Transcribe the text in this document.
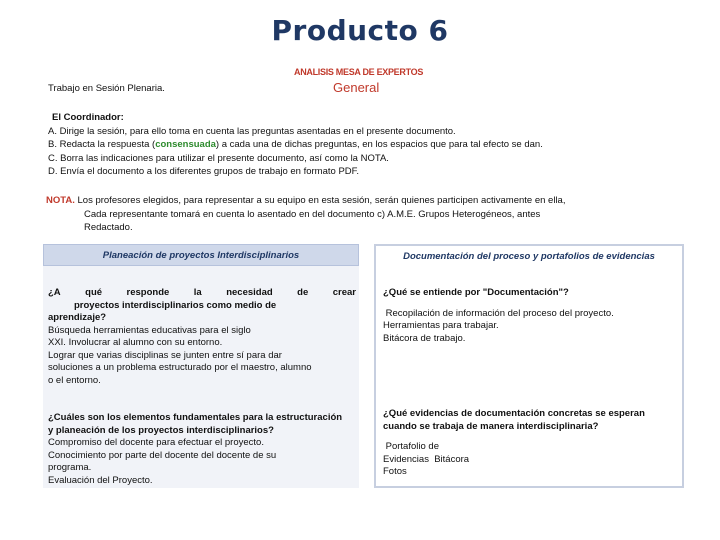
Producto 6
ANALISIS MESA DE EXPERTOS
General
Trabajo en Sesión Plenaria.
El Coordinador:
A. Dirige la sesión, para ello toma en cuenta las preguntas asentadas en el presente documento.
B. Redacta la respuesta (consensuada) a cada una de dichas preguntas, en los espacios que para tal efecto se dan.
C. Borra las indicaciones para utilizar el presente documento, así como la NOTA.
D. Envía el documento a los diferentes grupos de trabajo en formato PDF.
NOTA. Los profesores elegidos, para representar a su equipo en esta sesión, serán quienes participen activamente en ella,
Cada representante tomará en cuenta lo asentado en del documento c) A.M.E. Grupos Heterogéneos, antes
Redactado.
Planeación de proyectos Interdisciplinarios	Documentación del proceso y portafolios de evidencias
¿A	qué	responde	la	necesidad	de	crear
proyectos interdisciplinarios como medio de
aprendizaje?
Búsqueda herramientas educativas para el siglo
XXI. Involucrar al alumno con su entorno.
Lograr que varias disciplinas se junten entre sí para dar
soluciones a un problema estructurado por el maestro, alumno
o el entorno.
¿Cuáles son los elementos fundamentales para la estructuración
y planeación de los proyectos interdisciplinarios?
Compromiso del docente para efectuar el proyecto.
Conocimiento por parte del docente del docente de su
programa.
Evaluación del Proyecto.
¿Qué se entiende por "Documentación"?
Recopilación de información del proceso del proyecto.
Herramientas para trabajar.
Bitácora de trabajo.
¿Qué evidencias de documentación concretas se esperan
cuando se trabaja de manera interdisciplinaria?
Portafolio de
Evidencias  Bitácora
Fotos
